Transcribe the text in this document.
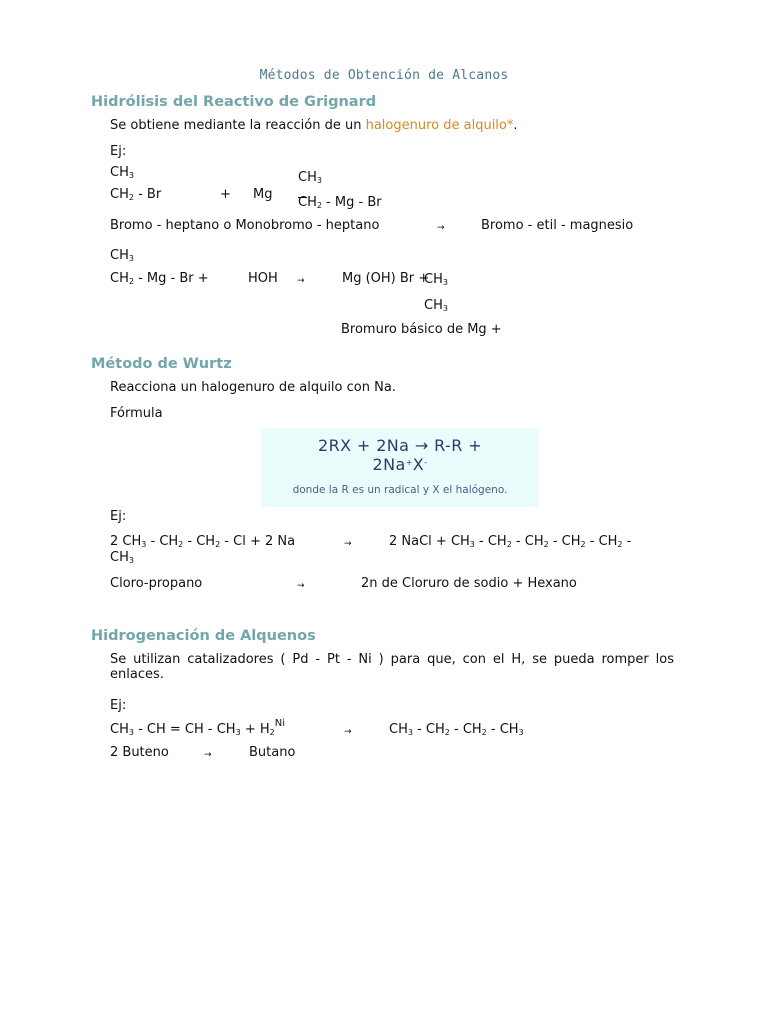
Métodos de Obtención de Alcanos
Hidrólisis del Reactivo de Grignard
Se obtiene mediante la reacción de un halogenuro de alquilo*.
Ej:
$CH_3$
$CH_2$ - Br	+ Mg
$CH_3$
$CH_2$ - Mg - Br
Bromo - heptano o Monobromo - heptano	→	Bromo - etil - magnesio
$CH_3$
$CH_2$ - Mg - Br +	HOH →	Mg (OH) Br +
$CH_3$
$CH_3$
Bromuro básico de Mg +
Método de Wurtz
Reacciona un halogenuro de alquilo con Na.
Fórmula
2RX + 2Na → R-R +
2Na+X-
donde la R es un radical y X el halógeno.
Ej:
2 $CH_3 - CH_2 - CH_2 - Cl + 2$ Na	→	2 NaCl + $CH_3 - CH_2 - CH_2 - CH_2 - CH_2$ -
$CH_3$
Cloro-propano	→	2n de Cloruro de sodio + Hexano
Hidrogenación de Alquenos
Se utilizan catalizadores ( Pd - Pt - Ni ) para que, con el H, se pueda romper los
enlaces.
Ej:
$CH_3$ - CH = CH - $CH_3 + H_2^{Ni}$
→	$CH_3 - CH_2 - CH_2 - CH_3$
2 Buteno	→	Butano
